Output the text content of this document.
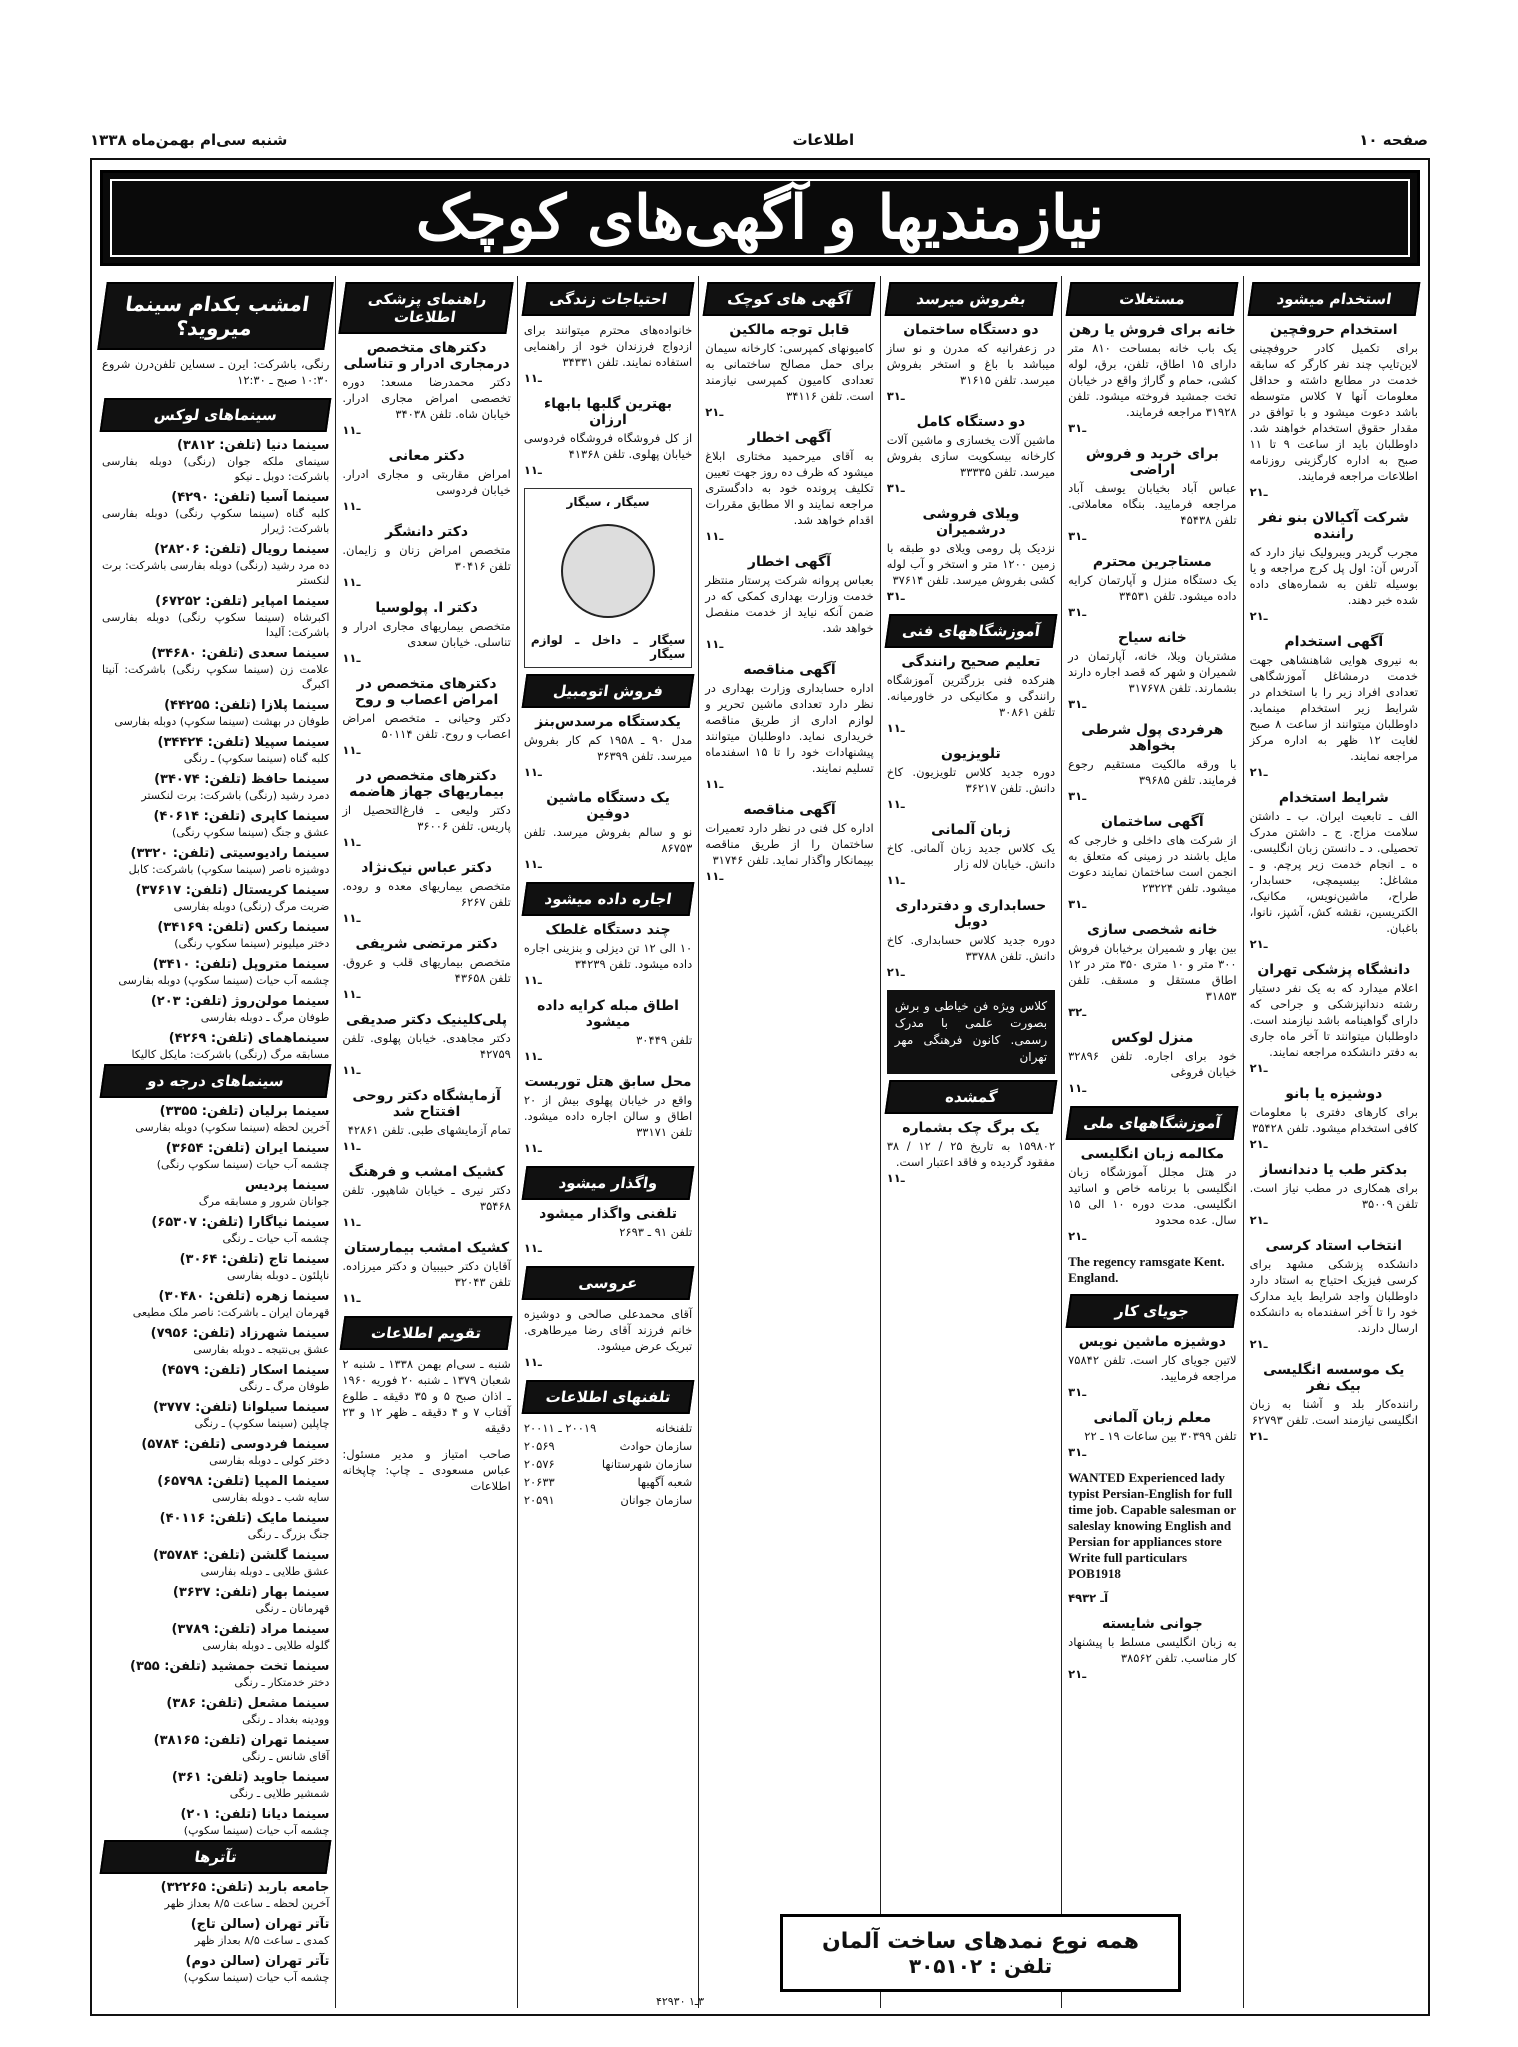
صفحه ۱۰
اطلاعات
شنبه سی‌ام بهمن‌ماه ۱۳۳۸
نیازمندیها و آگهی‌های کوچک
استخدام میشود
استخدام حروفچین
برای تکمیل کادر حروفچینی لاین‌تایپ چند نفر کارگر که سابقه خدمت در مطابع داشته و حداقل معلومات آنها ۷ کلاس متوسطه باشد دعوت میشود و با توافق در مقدار حقوق استخدام خواهند شد. داوطلبان باید از ساعت ۹ تا ۱۱ صبح به اداره کارگزینی روزنامه اطلاعات مراجعه فرمایند.
۲ـ۱
شرکت آکیالان بنو نفر راننده
مجرب گریدر ویبرولیک نیاز دارد که آدرس آن: اول پل کرج مراجعه و یا بوسیله تلفن به شماره‌های داده شده خبر دهند.
۲ـ۱
آگهی استخدام
به نیروی هوایی شاهنشاهی جهت خدمت درمشاغل آموزشگاهی تعدادی افراد زیر را با استخدام در شرایط زیر استخدام مینماید. داوطلبان میتوانند از ساعت ۸ صبح لغایت ۱۲ ظهر به اداره مرکز مراجعه نمایند.
۲ـ۱
شرایط استخدام
الف ـ تابعیت ایران. ب ـ داشتن سلامت مزاج. ج ـ داشتن مدرک تحصیلی. د ـ دانستن زبان انگلیسی. ه ـ انجام خدمت زیر پرچم. و ـ مشاغل: بیسیمچی، حسابدار، طراح، ماشین‌نویس، مکانیک، الکتریسین، نقشه کش، آشپز، نانوا، باغبان.
۲ـ۱
دانشگاه پزشکی تهران
اعلام میدارد که به یک نفر دستیار رشته دندانپزشکی و جراحی که دارای گواهینامه باشد نیازمند است. داوطلبان میتوانند تا آخر ماه جاری به دفتر دانشکده مراجعه نمایند.
۲ـ۱
دوشیزه یا بانو
برای کارهای دفتری با معلومات کافی استخدام میشود. تلفن ۳۵۴۲۸
۲ـ۱
بدکتر طب یا دندانساز
برای همکاری در مطب نیاز است. تلفن ۳۵۰۰۹
۲ـ۱
انتخاب استاد کرسی
دانشکده پزشکی مشهد برای کرسی فیزیک احتیاج به استاد دارد داوطلبان واجد شرایط باید مدارک خود را تا آخر اسفندماه به دانشکده ارسال دارند.
۲ـ۱
یک موسسه انگلیسی بیک نفر
راننده‌کار بلد و آشنا به زبان انگلیسی نیازمند است. تلفن ۶۲۷۹۳
۲ـ۱
مستغلات
خانه برای فروش یا رهن
یک باب خانه بمساحت ۸۱۰ متر دارای ۱۵ اطاق، تلفن، برق، لوله کشی، حمام و گاراژ واقع در خیابان تخت جمشید فروخته میشود. تلفن ۳۱۹۲۸ مراجعه فرمایند.
۳ـ۱
برای خرید و فروش اراضی
عباس آباد بخیابان یوسف آباد مراجعه فرمایید. بنگاه معاملاتی. تلفن ۴۵۴۳۸
۳ـ۱
مستاجرین محترم
یک دستگاه منزل و آپارتمان کرایه داده میشود. تلفن ۳۴۵۳۱
۳ـ۱
خانه سیاح
مشتریان ویلا، خانه، آپارتمان در شمیران و شهر که قصد اجاره دارند بشمارند. تلفن ۳۱۷۶۷۸
۳ـ۱
هرفردی پول شرطی بخواهد
با ورقه مالکیت مستقیم رجوع فرمایند. تلفن ۳۹۶۸۵
۳ـ۱
آگهی ساختمان
از شرکت های داخلی و خارجی که مایل باشند در زمینی که متعلق به انجمن است ساختمان نمایند دعوت میشود. تلفن ۲۳۲۲۴
۳ـ۱
خانه شخصی سازی
بین بهار و شمیران برخیابان فروش ۳۰۰ متر و ۱۰ متری ۳۵۰ متر در ۱۲ اطاق مستقل و مسقف. تلفن ۳۱۸۵۳
۳ـ۲
منزل لوکس
خود برای اجاره. تلفن ۳۲۸۹۶ خیابان فروغی
۱ـ۱
آموزشگاههای ملی
مکالمه زبان انگلیسی
در هتل مجلل آموزشگاه زبان انگلیسی با برنامه خاص و اساتید انگلیسی. مدت دوره ۱۰ الی ۱۵ سال. عده محدود
۲ـ۱
The regency ramsgate Kent. England.
جویای کار
دوشیزه ماشین نویس
لاتین جویای کار است. تلفن ۷۵۸۴۲ مراجعه فرمایید.
۳ـ۱
معلم زبان آلمانی
تلفن ۳۰۳۹۹ بین ساعات ۱۹ ـ ۲۲
۳ـ۱
WANTED Experienced lady typist Persian-English for full time job. Capable salesman or saleslay knowing English and Persian for appliances store Write full particulars POB1918
آـ ۴۹۳۲
جوانی شایسته
به زبان انگلیسی مسلط با پیشنهاد کار مناسب. تلفن ۳۸۵۶۲
۲ـ۱
بفروش میرسد
دو دستگاه ساختمان
در زعفرانیه که مدرن و نو ساز میباشد با باغ و استخر بفروش میرسد. تلفن ۳۱۶۱۵
۳ـ۱
دو دستگاه کامل
ماشین آلات یخسازی و ماشین آلات کارخانه بیسکویت سازی بفروش میرسد. تلفن ۳۳۳۳۵
۳ـ۱
ویلای فروشی درشمیران
نزدیک پل رومی ویلای دو طبقه با زمین ۱۲۰۰ متر و استخر و آب لوله کشی بفروش میرسد. تلفن ۳۷۶۱۴
۳ـ۱
آموزشگاههای فنی
تعلیم صحیح رانندگی
هنرکده فنی بزرگترین آموزشگاه رانندگی و مکانیکی در خاورمیانه. تلفن ۳۰۸۶۱
۱ـ۱
تلویزیون
دوره جدید کلاس تلویزیون. کاخ دانش. تلفن ۳۶۲۱۷
۱ـ۱
زبان آلمانی
یک کلاس جدید زبان آلمانی. کاخ دانش. خیابان لاله زار
۱ـ۱
حسابداری و دفترداری دوبل
دوره جدید کلاس حسابداری. کاخ دانش. تلفن ۳۳۷۸۸
۲ـ۱
کلاس ویژه فن خیاطی و برش بصورت علمی با مدرک رسمی. کانون فرهنگی مهر تهران
گمشده
یک برگ چک بشماره
۱۵۹۸۰۲ به تاریخ ۲۵ / ۱۲ / ۳۸ مفقود گردیده و فاقد اعتبار است.
۱ـ۱
آگهی های کوچک
قابل توجه مالکین
کامیونهای کمپرسی: کارخانه سیمان برای حمل مصالح ساختمانی به تعدادی کامیون کمپرسی نیازمند است. تلفن ۳۴۱۱۶
۲ـ۱
آگهی اخطار
به آقای میرحمید مختاری ابلاغ میشود که ظرف ده روز جهت تعیین تکلیف پرونده خود به دادگستری مراجعه نمایند و الا مطابق مقررات اقدام خواهد شد.
۱ـ۱
آگهی اخطار
بعباس پروانه شرکت پرستار منتظر خدمت وزارت بهداری کمکی که در ضمن آنکه نیاید از خدمت منفصل خواهد شد.
۱ـ۱
آگهی مناقصه
اداره حسابداری وزارت بهداری در نظر دارد تعدادی ماشین تحریر و لوازم اداری از طریق مناقصه خریداری نماید. داوطلبان میتوانند پیشنهادات خود را تا ۱۵ اسفندماه تسلیم نمایند.
۱ـ۱
آگهی مناقصه
اداره کل فنی در نظر دارد تعمیرات ساختمان را از طریق مناقصه بپیمانکار واگذار نماید. تلفن ۳۱۷۴۶
۱ـ۱
احتیاجات زندگی
خانواده‌های محترم میتوانند برای ازدواج فرزندان خود از راهنمایی استفاده نمایند. تلفن ۳۴۳۳۱
۱ـ۱
بهترین گلبها بابهاء ارزان
از کل فروشگاه فروشگاه فردوسی خیابان پهلوی. تلفن ۴۱۳۶۸
۱ـ۱
سیگار ، سیگار
سیگار ـ داخل ـ لوازم سیگار
فروش اتومبیل
یکدستگاه مرسدس‌بنز
مدل ۹۰ ـ ۱۹۵۸ کم کار بفروش میرسد. تلفن ۳۶۳۹۹
۱ـ۱
یک دستگاه ماشین دوفین
نو و سالم بفروش میرسد. تلفن ۸۶۷۵۳
۱ـ۱
اجاره داده میشود
چند دستگاه غلطک
۱۰ الی ۱۲ تن دیزلی و بنزینی اجاره داده میشود. تلفن ۳۴۲۳۹
۱ـ۱
اطاق مبله کرایه داده میشود
تلفن ۳۰۴۴۹
۱ـ۱
محل سابق هتل توریست
واقع در خیابان پهلوی بیش از ۲۰ اطاق و سالن اجاره داده میشود. تلفن ۳۳۱۷۱
۱ـ۱
واگذار میشود
تلفنی واگذار میشود
تلفن ۹۱ ـ ۲۶۹۳
۱ـ۱
عروسی
آقای محمدعلی صالحی و دوشیزه خانم فرزند آقای رضا میرطاهری. تبریک عرض میشود.
۱ـ۱
تلفنهای اطلاعات
تلفنخانه
۲۰۰۱۹ ـ ۲۰۰۱۱
سازمان حوادث
۲۰۵۶۹
سازمان شهرستانها
۲۰۵۷۶
شعبه آگهیها
۲۰۶۳۳
سازمان جوانان
۲۰۵۹۱
راهنمای پزشکی اطلاعات
دکترهای متخصص درمجاری ادرار و تناسلی
دکتر محمدرضا مسعد: دوره تخصصی امراض مجاری ادرار. خیابان شاه. تلفن ۳۴۰۳۸
۱ـ۱
دکتر معانی
امراض مقاربتی و مجاری ادرار. خیابان فردوسی
۱ـ۱
دکتر دانشگر
متخصص امراض زنان و زایمان. تلفن ۳۰۴۱۶
۱ـ۱
دکتر ا. پولوسیا
متخصص بیماریهای مجاری ادرار و تناسلی. خیابان سعدی
۱ـ۱
دکترهای متخصص در امراض اعصاب و روح
دکتر وحیانی ـ متخصص امراض اعصاب و روح. تلفن ۵۰۱۱۴
۱ـ۱
دکترهای متخصص در بیماریهای جهاز هاضمه
دکتر ولیعی ـ فارغ‌التحصیل از پاریس. تلفن ۳۶۰۰۶
۱ـ۱
دکتر عباس نیک‌نژاد
متخصص بیماریهای معده و روده. تلفن ۶۲۶۷
۱ـ۱
دکتر مرتضی شریفی
متخصص بیماریهای قلب و عروق. تلفن ۴۳۶۵۸
۱ـ۱
پلی‌کلینیک دکتر صدیقی
دکتر مجاهدی. خیابان پهلوی. تلفن ۴۲۷۵۹
۱ـ۱
آزمایشگاه دکتر روحی افتتاح شد
تمام آزمایشهای طبی. تلفن ۴۲۸۶۱
۱ـ۱
کشیک امشب و فرهنگ
دکتر نیری ـ خیابان شاهپور. تلفن ۳۵۴۶۸
۱ـ۱
کشیک امشب بیمارستان
آقایان دکتر حبیبیان و دکتر میرزاده. تلفن ۳۲۰۴۳
۱ـ۱
تقویم اطلاعات
شنبه ـ سی‌ام بهمن ۱۳۳۸ ـ شنبه ۲ شعبان ۱۳۷۹ ـ شنبه ۲۰ فوریه ۱۹۶۰ ـ اذان صبح ۵ و ۳۵ دقیقه ـ طلوع آفتاب ۷ و ۴ دقیقه ـ ظهر ۱۲ و ۲۳ دقیقه
صاحب امتیاز و مدیر مسئول: عباس مسعودی ـ چاپ: چاپخانه اطلاعات
امشب بکدام سینما میروید؟
رنگی، باشرکت: ایرن ـ سساین تلفن‌درن شروع ۱۰:۳۰ صبح ـ ۱۲:۳۰
سینماهای لوکس
سینما دنیا (تلفن: ۳۸۱۲)

سینمای ملکه جوان (رنگی) دوبله بفارسی باشرکت: دوبل ـ نیکو

سینما آسیا (تلفن: ۴۲۹۰)

کلبه گناه (سینما سکوپ رنگی) دوبله بفارسی باشرکت: ژیرار

سینما رویال (تلفن: ۲۸۲۰۶)

ده مرد رشید (رنگی) دوبله بفارسی باشرکت: برت لنکستر

سینما امپایر (تلفن: ۶۷۲۵۲)

اکبرشاه (سینما سکوپ رنگی) دوبله بفارسی باشرکت: آلیدا

سینما سعدی (تلفن: ۳۴۶۸۰)

علامت زن (سینما سکوپ رنگی) باشرکت: آنیتا اکبرگ

سینما پلازا (تلفن: ۴۴۲۵۵)

طوفان در بهشت (سینما سکوپ) دوبله بفارسی

سینما سپیلا (تلفن: ۳۴۴۲۴)

کلبه گناه (سینما سکوپ) ـ رنگی

سینما حافظ (تلفن: ۳۴۰۷۴)

دمرد رشید (رنگی) باشرکت: برت لنکستر

سینما کاپری (تلفن: ۴۰۶۱۴)

عشق و جنگ (سینما سکوپ رنگی)

سینما رادیوسیتی (تلفن: ۳۳۲۰)

دوشیزه ناصر (سینما سکوپ) باشرکت: کابل

سینما کریستال (تلفن: ۳۷۶۱۷)

ضربت مرگ (رنگی) دوبله بفارسی

سینما رکس (تلفن: ۳۴۱۶۹)

دختر میلیونر (سینما سکوپ رنگی)

سینما متروپل (تلفن: ۳۴۱۰)

چشمه آب حیات (سینما سکوپ) دوبله بفارسی

سینما مولن‌روژ (تلفن: ۲۰۳)

طوفان مرگ ـ دوبله بفارسی

سینماهمای (تلفن: ۴۲۶۹)

مسابقه مرگ (رنگی) باشرکت: مایکل کالیکا

سینماهای درجه دو
سینما برلیان (تلفن: ۳۳۵۵)

آخرین لحظه (سینما سکوپ) دوبله بفارسی

سینما ایران (تلفن: ۳۶۵۴)

چشمه آب حیات (سینما سکوپ رنگی)

سینما پردیس

جوانان شرور و مسابقه مرگ

سینما نیاگارا (تلفن: ۶۵۳۰۷)

چشمه آب حیات ـ رنگی

سینما تاج (تلفن: ۳۰۶۴)

ناپلئون ـ دوبله بفارسی

سینما زهره (تلفن: ۳۰۴۸۰)

قهرمان ایران ـ باشرکت: ناصر ملک مطیعی

سینما شهرزاد (تلفن: ۷۹۵۶)

عشق بی‌نتیجه ـ دوبله بفارسی

سینما اسکار (تلفن: ۴۵۷۹)

طوفان مرگ ـ رنگی

سینما سیلوانا (تلفن: ۳۷۷۷)

چاپلین (سینما سکوپ) ـ رنگی

سینما فردوسی (تلفن: ۵۷۸۴)

دختر کولی ـ دوبله بفارسی

سینما المپیا (تلفن: ۶۵۷۹۸)

سایه شب ـ دوبله بفارسی

سینما مایک (تلفن: ۴۰۱۱۶)

جنگ بزرگ ـ رنگی

سینما گلشن (تلفن: ۳۵۷۸۴)

عشق طلایی ـ دوبله بفارسی

سینما بهار (تلفن: ۳۶۳۷)

قهرمانان ـ رنگی

سینما مراد (تلفن: ۳۷۸۹)

گلوله طلایی ـ دوبله بفارسی

سینما تخت جمشید (تلفن: ۳۵۵)

دختر خدمتکار ـ رنگی

سینما مشعل (تلفن: ۳۸۶)

وودینه بغداد ـ رنگی

سینما تهران (تلفن: ۳۸۱۶۵)

آقای شانس ـ رنگی

سینما جاوید (تلفن: ۳۶۱)

شمشیر طلایی ـ رنگی

سینما دیانا (تلفن: ۲۰۱)

چشمه آب حیات (سینما سکوپ)

تآترها
جامعه باربد (تلفن: ۳۲۲۶۵)

آخرین لحظه ـ ساعت ۸/۵ بعداز ظهر

تآتر تهران (سالن تاج)

کمدی ـ ساعت ۸/۵ بعداز ظهر

تآتر تهران (سالن دوم)

چشمه آب حیات (سینما سکوپ)

همه نوع نمدهای ساخت آلمان
تلفن : ۳۰۵۱۰۲
۳ـ۱ ۴۲۹۳۰
